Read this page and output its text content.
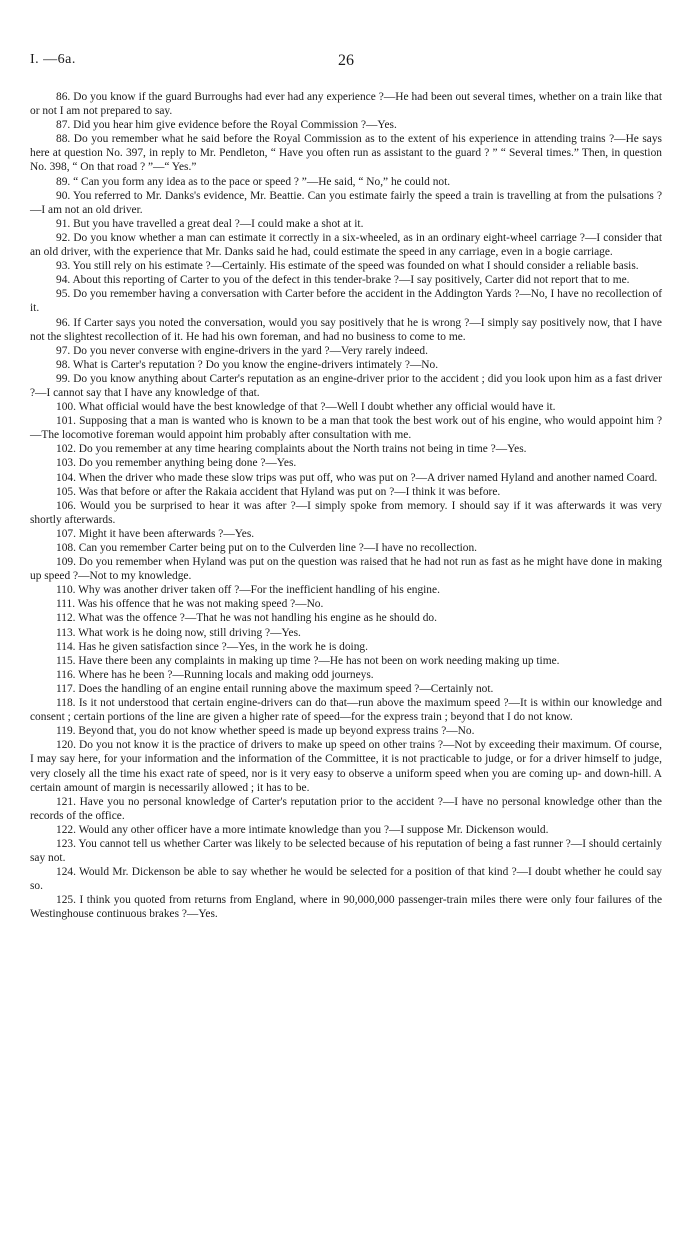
I. —6a.	26

86. Do you know if the guard Burroughs had ever had any experience ?—He had been out several times, whether on a train like that or not I am not prepared to say.

87. Did you hear him give evidence before the Royal Commission ?—Yes.

88. Do you remember what he said before the Royal Commission as to the extent of his experience in attending trains ?—He says here at question No. 397, in reply to Mr. Pendleton, “ Have you often run as assistant to the guard ? ” “ Several times.” Then, in question No. 398, “ On that road ? ”—“ Yes.”

89. “ Can you form any idea as to the pace or speed ? ”—He said, “ No,” he could not.

90. You referred to Mr. Danks's evidence, Mr. Beattie. Can you estimate fairly the speed a train is travelling at from the pulsations ?—I am not an old driver.

91. But you have travelled a great deal ?—I could make a shot at it.

92. Do you know whether a man can estimate it correctly in a six-wheeled, as in an ordinary eight-wheel carriage ?—I consider that an old driver, with the experience that Mr. Danks said he had, could estimate the speed in any carriage, even in a bogie carriage.

93. You still rely on his estimate ?—Certainly. His estimate of the speed was founded on what I should consider a reliable basis.

94. About this reporting of Carter to you of the defect in this tender-brake ?—I say positively, Carter did not report that to me.

95. Do you remember having a conversation with Carter before the accident in the Addington Yards ?—No, I have no recollection of it.

96. If Carter says you noted the conversation, would you say positively that he is wrong ?—I simply say positively now, that I have not the slightest recollection of it. He had his own foreman, and had no business to come to me.

97. Do you never converse with engine-drivers in the yard ?—Very rarely indeed.

98. What is Carter's reputation ? Do you know the engine-drivers intimately ?—No.

99. Do you know anything about Carter's reputation as an engine-driver prior to the accident ; did you look upon him as a fast driver ?—I cannot say that I have any knowledge of that.

100. What official would have the best knowledge of that ?—Well I doubt whether any official would have it.

101. Supposing that a man is wanted who is known to be a man that took the best work out of his engine, who would appoint him ?—The locomotive foreman would appoint him probably after consultation with me.

102. Do you remember at any time hearing complaints about the North trains not being in time ?—Yes.

103. Do you remember anything being done ?—Yes.

104. When the driver who made these slow trips was put off, who was put on ?—A driver named Hyland and another named Coard.

105. Was that before or after the Rakaia accident that Hyland was put on ?—I think it was before.

106. Would you be surprised to hear it was after ?—I simply spoke from memory. I should say if it was afterwards it was very shortly afterwards.

107. Might it have been afterwards ?—Yes.

108. Can you remember Carter being put on to the Culverden line ?—I have no recollection.

109. Do you remember when Hyland was put on the question was raised that he had not run as fast as he might have done in making up speed ?—Not to my knowledge.

110. Why was another driver taken off ?—For the inefficient handling of his engine.

111. Was his offence that he was not making speed ?—No.

112. What was the offence ?—That he was not handling his engine as he should do.

113. What work is he doing now, still driving ?—Yes.

114. Has he given satisfaction since ?—Yes, in the work he is doing.

115. Have there been any complaints in making up time ?—He has not been on work needing making up time.

116. Where has he been ?—Running locals and making odd journeys.

117. Does the handling of an engine entail running above the maximum speed ?—Certainly not.

118. Is it not understood that certain engine-drivers can do that—run above the maximum speed ?—It is within our knowledge and consent ; certain portions of the line are given a higher rate of speed—for the express train ; beyond that I do not know.

119. Beyond that, you do not know whether speed is made up beyond express trains ?—No.

120. Do you not know it is the practice of drivers to make up speed on other trains ?—Not by exceeding their maximum. Of course, I may say here, for your information and the information of the Committee, it is not practicable to judge, or for a driver himself to judge, very closely all the time his exact rate of speed, nor is it very easy to observe a uniform speed when you are coming up- and down-hill. A certain amount of margin is necessarily allowed ; it has to be.

121. Have you no personal knowledge of Carter's reputation prior to the accident ?—I have no personal knowledge other than the records of the office.

122. Would any other officer have a more intimate knowledge than you ?—I suppose Mr. Dickenson would.

123. You cannot tell us whether Carter was likely to be selected because of his reputation of being a fast runner ?—I should certainly say not.

124. Would Mr. Dickenson be able to say whether he would be selected for a position of that kind ?—I doubt whether he could say so.

125. I think you quoted from returns from England, where in 90,000,000 passenger-train miles there were only four failures of the Westinghouse continuous brakes ?—Yes.
